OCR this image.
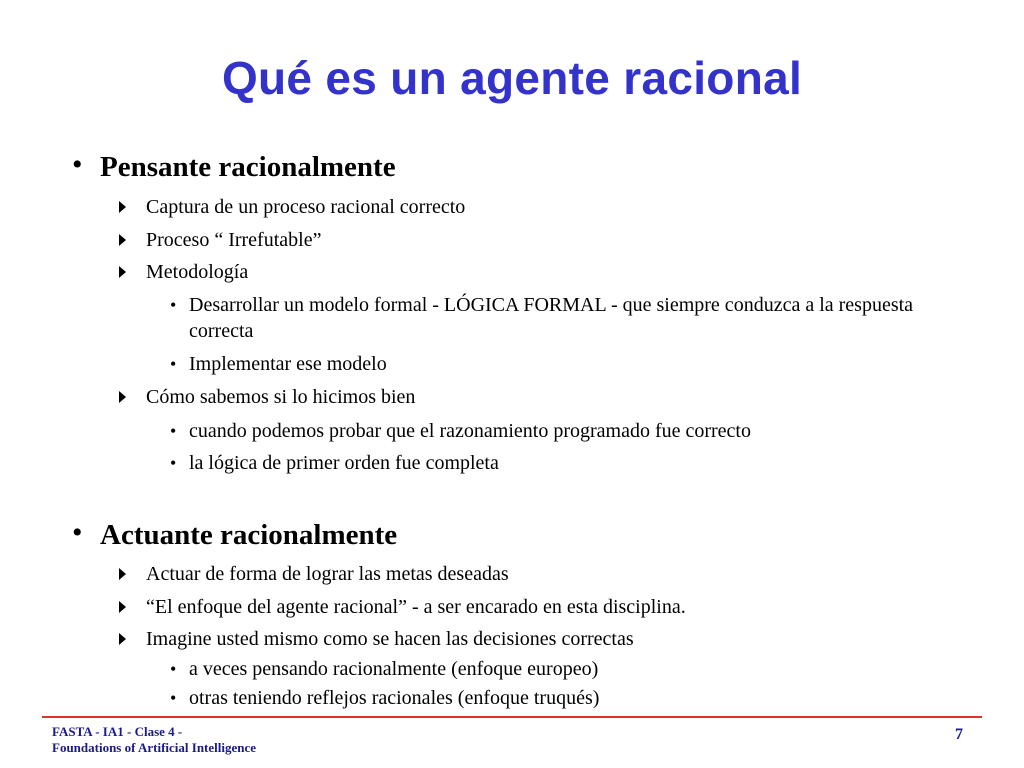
Qué es un agente racional
• Pensante racionalmente
Captura de un proceso racional correcto
Proceso “ Irrefutable”
Metodología
• Desarrollar un modelo formal - LÓGICA FORMAL - que siempre conduzca a la respuesta correcta
• Implementar ese modelo
Cómo sabemos si lo hicimos bien
• cuando podemos probar que el razonamiento programado fue correcto
• la lógica de primer orden fue completa
• Actuante racionalmente
Actuar de forma de lograr las metas deseadas
“El enfoque del agente racional” - a ser encarado en esta disciplina.
Imagine usted mismo como se hacen las decisiones correctas
• a veces pensando racionalmente (enfoque europeo)
• otras teniendo reflejos racionales (enfoque truqués)
FASTA - IA1 - Clase 4 -
Foundations of Artificial Intelligence
7
